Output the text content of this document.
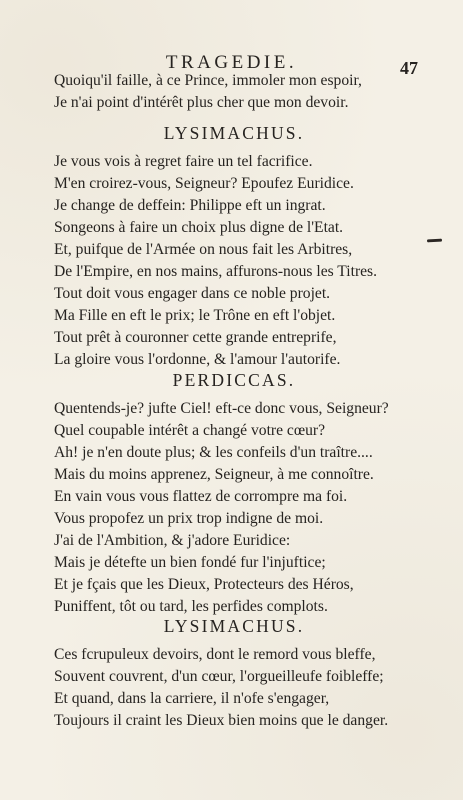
TRAGEDIE.	47
Quoiqu'il faille, à ce Prince, immoler mon espoir,
Je n'ai point d'intérêt plus cher que mon devoir.
LYSIMACHUS.
Je vous vois à regret faire un tel facrifice.
M'en croirez-vous, Seigneur? Epoufez Euridice.
Je change de deffein: Philippe eft un ingrat.
Songeons à faire un choix plus digne de l'Etat.
Et, puifque de l'Armée on nous fait les Arbitres,
De l'Empire, en nos mains, affurons-nous les Titres.
Tout doit vous engager dans ce noble projet.
Ma Fille en eft le prix; le Trône en eft l'objet.
Tout prêt à couronner cette grande entreprife,
La gloire vous l'ordonne, & l'amour l'autorife.
PERDICCAS.
Quentends-je? jufte Ciel! eft-ce donc vous, Seigneur?
Quel coupable intérêt a changé votre cœur?
Ah! je n'en doute plus; & les confeils d'un traître....
Mais du moins apprenez, Seigneur, à me connoître.
En vain vous vous flattez de corrompre ma foi.
Vous propofez un prix trop indigne de moi.
J'ai de l'Ambition, & j'adore Euridice:
Mais je détefte un bien fondé fur l'injuftice;
Et je fçais que les Dieux, Protecteurs des Héros,
Puniffent, tôt ou tard, les perfides complots.
LYSIMACHUS.
Ces fcrupuleux devoirs, dont le remord vous bleffe,
Souvent couvrent, d'un cœur, l'orgueilleufe foibleffe;
Et quand, dans la carriere, il n'ofe s'engager,
Toujours il craint les Dieux bien moins que le danger.
